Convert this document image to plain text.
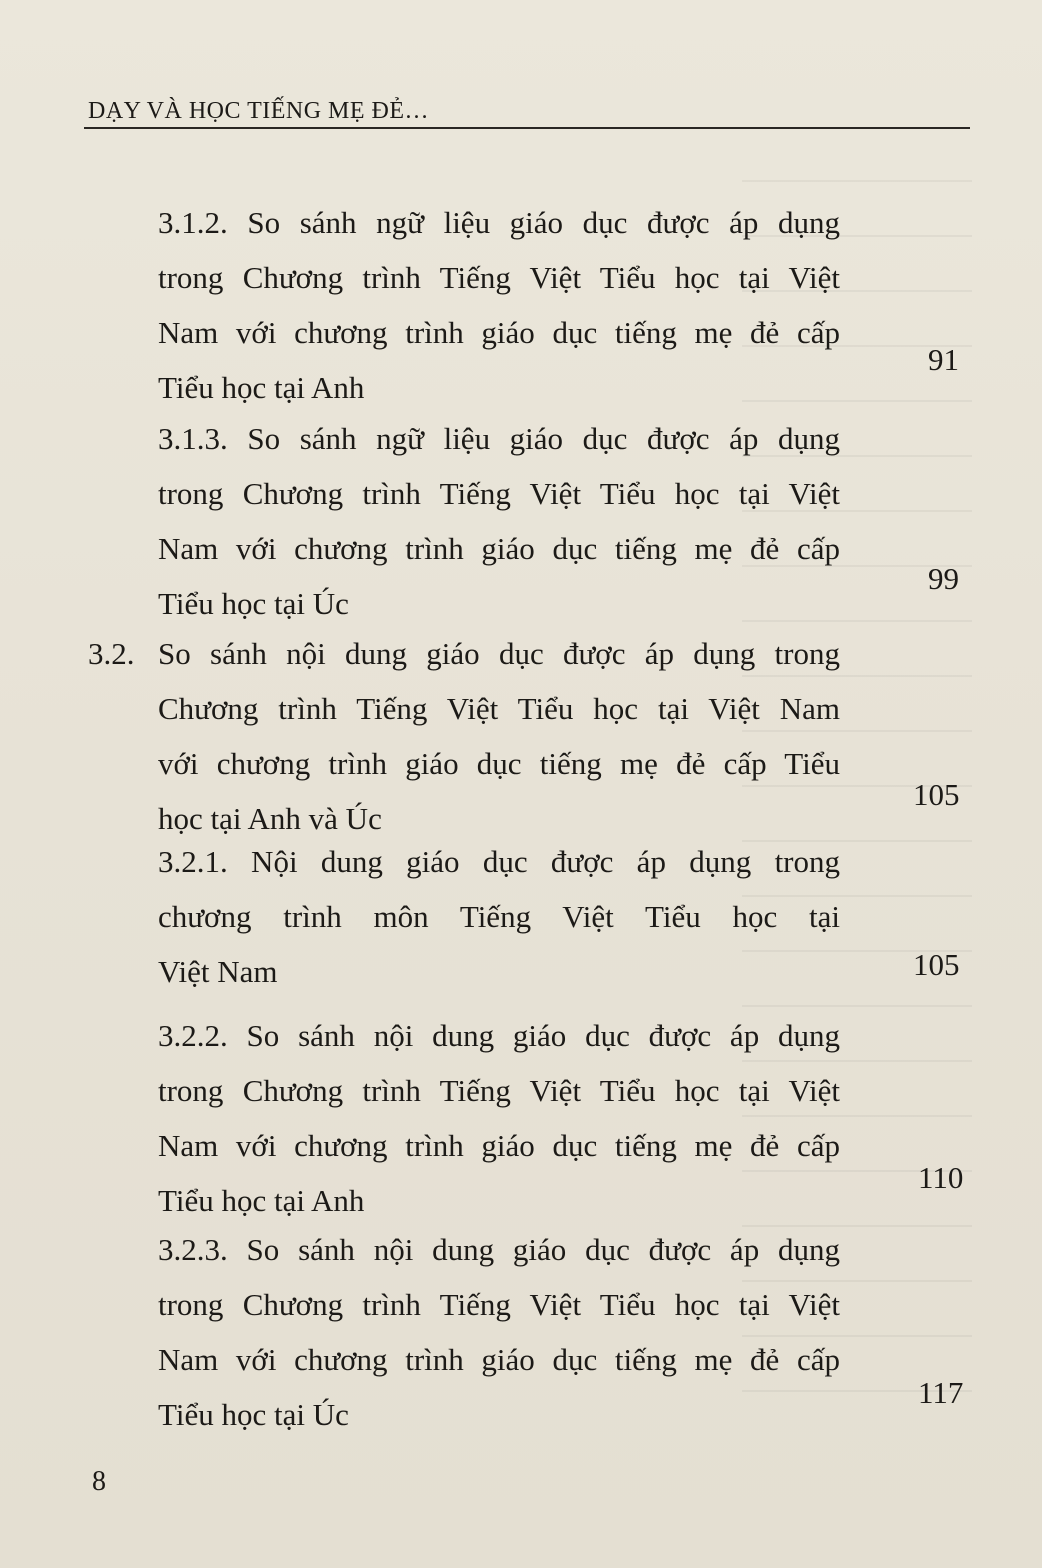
DẠY VÀ HỌC TIẾNG MẸ ĐẺ…
3.1.2. So sánh ngữ liệu giáo dục được áp dụng
trong Chương trình Tiếng Việt Tiểu học tại Việt
Nam với chương trình giáo dục tiếng mẹ đẻ cấp
Tiểu học tại Anh
91
3.1.3. So sánh ngữ liệu giáo dục được áp dụng
trong Chương trình Tiếng Việt Tiểu học tại Việt
Nam với chương trình giáo dục tiếng mẹ đẻ cấp
Tiểu học tại Úc
99
3.2. So sánh nội dung giáo dục được áp dụng trong
Chương trình Tiếng Việt Tiểu học tại Việt Nam
với chương trình giáo dục tiếng mẹ đẻ cấp Tiểu
học tại Anh và Úc
105
3.2.1. Nội dung giáo dục được áp dụng trong
chương trình môn Tiếng Việt Tiểu học tại
Việt Nam	105
3.2.2. So sánh nội dung giáo dục được áp dụng
trong Chương trình Tiếng Việt Tiểu học tại Việt
Nam với chương trình giáo dục tiếng mẹ đẻ cấp
Tiểu học tại Anh
110
3.2.3. So sánh nội dung giáo dục được áp dụng
trong Chương trình Tiếng Việt Tiểu học tại Việt
Nam với chương trình giáo dục tiếng mẹ đẻ cấp
Tiểu học tại Úc
117
8
